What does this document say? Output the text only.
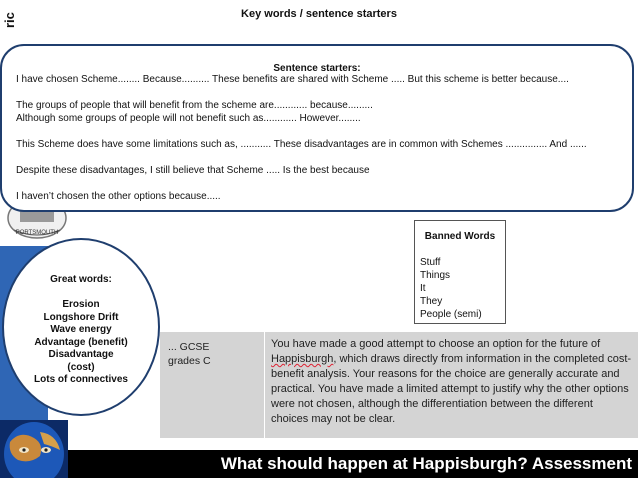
Key words / sentence starters
ric
PORTSMOUTH
Sentence starters:
I have chosen Scheme........ Because.......... These benefits are shared with Scheme ..... But this scheme is better because....
The groups of people that will benefit from the scheme are............ because.........
Although some groups of people will not benefit such as............ However........
This Scheme does have some limitations such as, ........... These disadvantages are in common with Schemes ............... And ......
Despite these disadvantages, I still believe that Scheme ..... Is the best because
I haven’t chosen the other options because.....
Banned Words
Stuff
Things
It
They
People (semi)
Great words:
Erosion
Longshore Drift
Wave energy
Advantage (benefit)
Disadvantage
(cost)
Lots of connectives
... GCSE
grades C
You have made a good attempt to choose an option for the future of Happisburgh, which draws directly from information in the completed cost-benefit analysis. Your reasons for the choice are generally accurate and practical. You have made a limited attempt to justify why the other options were not chosen, although the differentiation between the different choices may not be clear.
What should happen at Happisburgh? Assessment
